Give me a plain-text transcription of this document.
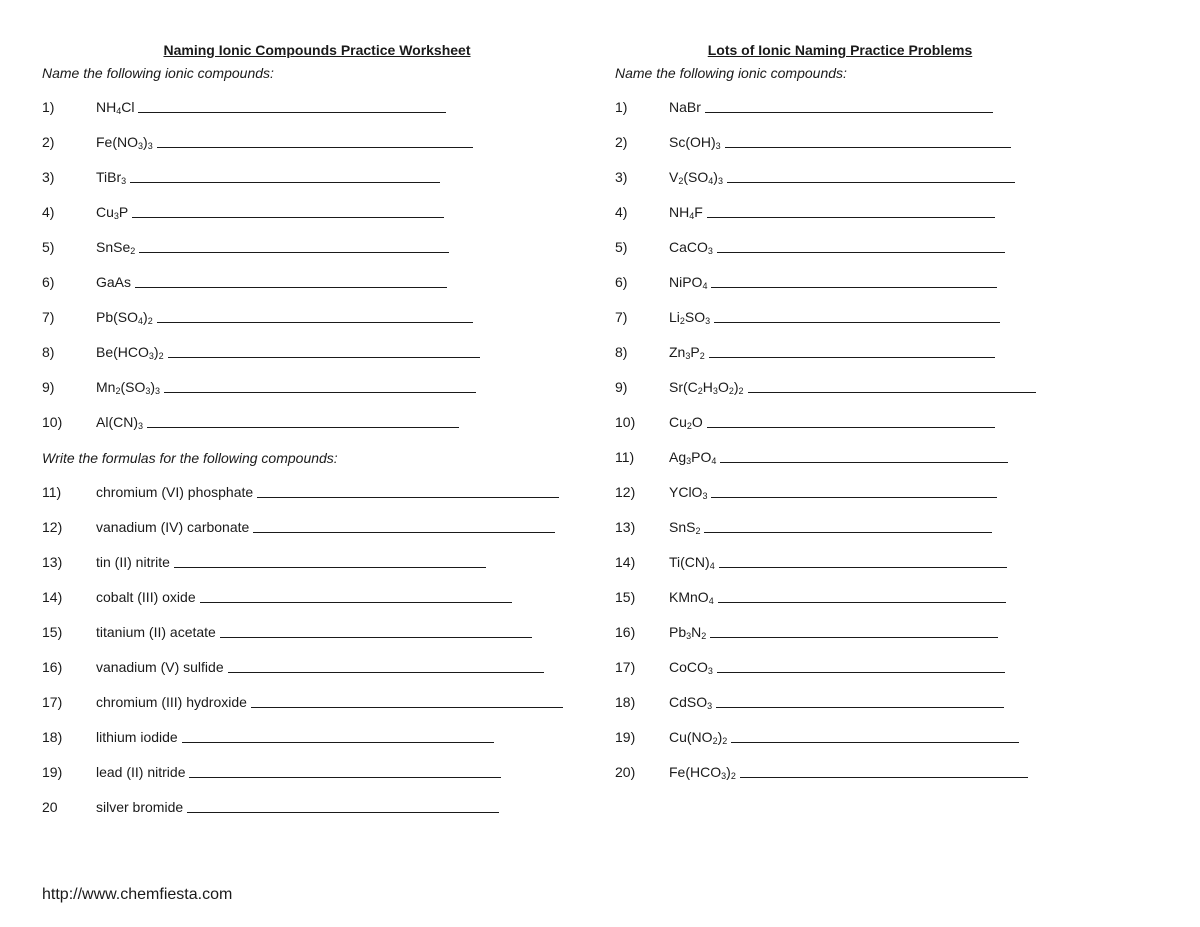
Naming Ionic Compounds Practice Worksheet
Name the following ionic compounds:
1)	$NH_4Cl$
2)	$Fe(NO_3)_3$
3)	TiBr$_3$
4)	$Cu_3P$
5)	SnSe$_2$
6)	GaAs
7)	$Pb(SO_4)_2$
8)	$Be(HCO_3)_2$
9)	$Mn_2(SO_3)_3$
10)	$Al(CN)_3$
Write the formulas for the following compounds:
11)	chromium (VI) phosphate
12)	vanadium (IV) carbonate
13)	tin (II) nitrite
14)	cobalt (III) oxide
15)	titanium (II) acetate
16)	vanadium (V) sulfide
17)	chromium (III) hydroxide
18)	lithium iodide
19)	lead (II) nitride
20	silver bromide
Lots of Ionic Naming Practice Problems
Name the following ionic compounds:
1)	NaBr
2)	$Sc(OH)_3$
3)	$V_2(SO_4)_3$
4)	$NH_4F$
5)	CaCO$_3$
6)	NiPO$_4$
7)	$Li_2SO_3$
8)	$Zn_3P_2$
9)	$Sr(C_2H_3O_2)_2$
10)	$Cu_2O$
11)	$Ag_3PO_4$
12)	YClO$_3$
13)	SnS$_2$
14)	$Ti(CN)_4$
15)	KMnO$_4$
16)	$Pb_3N_2$
17)	CoCO$_3$
18)	CdSO$_3$
19)	$Cu(NO_2)_2$
20)	$Fe(HCO_3)_2$
http://www.chemfiesta.com
